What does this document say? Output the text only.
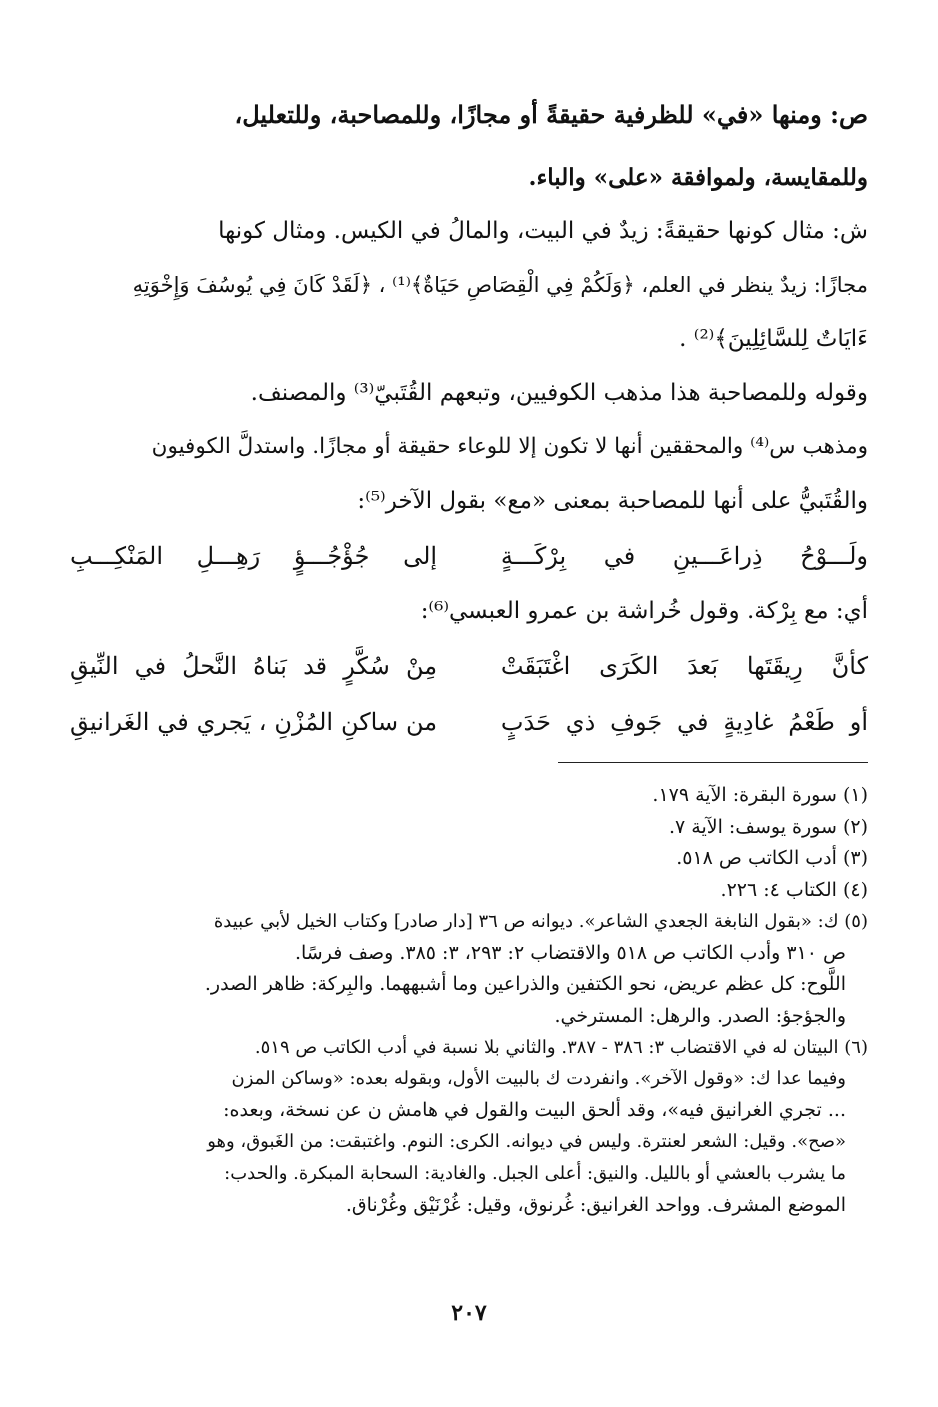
ص: ومنها «في» للظرفية حقيقةً أو مجازًا، وللمصاحبة، وللتعليل،

وللمقايسة، ولموافقة «على» والباء.

ش: مثال كونها حقيقةً: زيدٌ في البيت، والمالُ في الكيس. ومثال كونها

مجازًا: زيدٌ ينظر في العلم، ﴿وَلَكُمْ فِي الْقِصَاصِ حَيَاةٌ﴾⁽¹⁾ ، ﴿لَقَدْ كَانَ فِي يُوسُفَ وَإِخْوَتِهِ

ءَايَاتٌ لِلسَّائِلِينَ﴾⁽²⁾ .

وقوله وللمصاحبة هذا مذهب الكوفيين، وتبعهم القُتَبيّ⁽³⁾ والمصنف.

ومذهب س⁽⁴⁾ والمحققين أنها لا تكون إلا للوعاء حقيقة أو مجازًا. واستدلَّ الكوفيون

والقُتَبيُّ على أنها للمصاحبة بمعنى «مع» بقول الآخر⁽⁵⁾:

ولَـــوْحُ ذِراعَـــينِ في بِرْكَـــةٍ
إلى جُؤْجُـــؤٍ رَهِـــلِ المَنْكِـــبِ

أي: مع بِرْكة. وقول خُراشة بن عمرو العبسي⁽⁶⁾:

كأنَّ رِيقَتَها بَعدَ الكَرَى اغْتَبَقَتْ
مِنْ سُكَّرٍ قد بَناهُ النَّحلُ في النِّيقِ
أو طَعْمُ غادِيةٍ في جَوفِ ذي حَدَبٍ
من ساكنِ المُزْنِ ، يَجري في الغَرانيقِ
(١) سورة البقرة: الآية ١٧٩.
(٢) سورة يوسف: الآية ٧.
(٣) أدب الكاتب ص ٥١٨.
(٤) الكتاب ٤: ٢٢٦.
(٥) ك: «بقول النابغة الجعدي الشاعر». ديوانه ص ٣٦ [دار صادر] وكتاب الخيل لأبي عبيدة
ص ٣١٠ وأدب الكاتب ص ٥١٨ والاقتضاب ٢: ٢٩٣، ٣: ٣٨٥. وصف فرسًا.
اللَّوح: كل عظم عريض، نحو الكتفين والذراعين وما أشبههما. والبِركة: ظاهر الصدر.
والجؤجؤ: الصدر. والرهل: المسترخي.
(٦) البيتان له في الاقتضاب ٣: ٣٨٦ - ٣٨٧. والثاني بلا نسبة في أدب الكاتب ص ٥١٩.
وفيما عدا ك: «وقول الآخر». وانفردت ك بالبيت الأول، وبقوله بعده: «وساكن المزن
... تجري الغرانيق فيه»، وقد ألحق البيت والقول في هامش ن عن نسخة، وبعده:
«صح». وقيل: الشعر لعنترة. وليس في ديوانه. الكرى: النوم. واغتبقت: من الغَبوق، وهو
ما يشرب بالعشي أو بالليل. والنيق: أعلى الجبل. والغادية: السحابة المبكرة. والحدب:
الموضع المشرف. وواحد الغرانيق: غُرنوق، وقيل: غُرْنَيْق وغُرْناق.
٢٠٧
